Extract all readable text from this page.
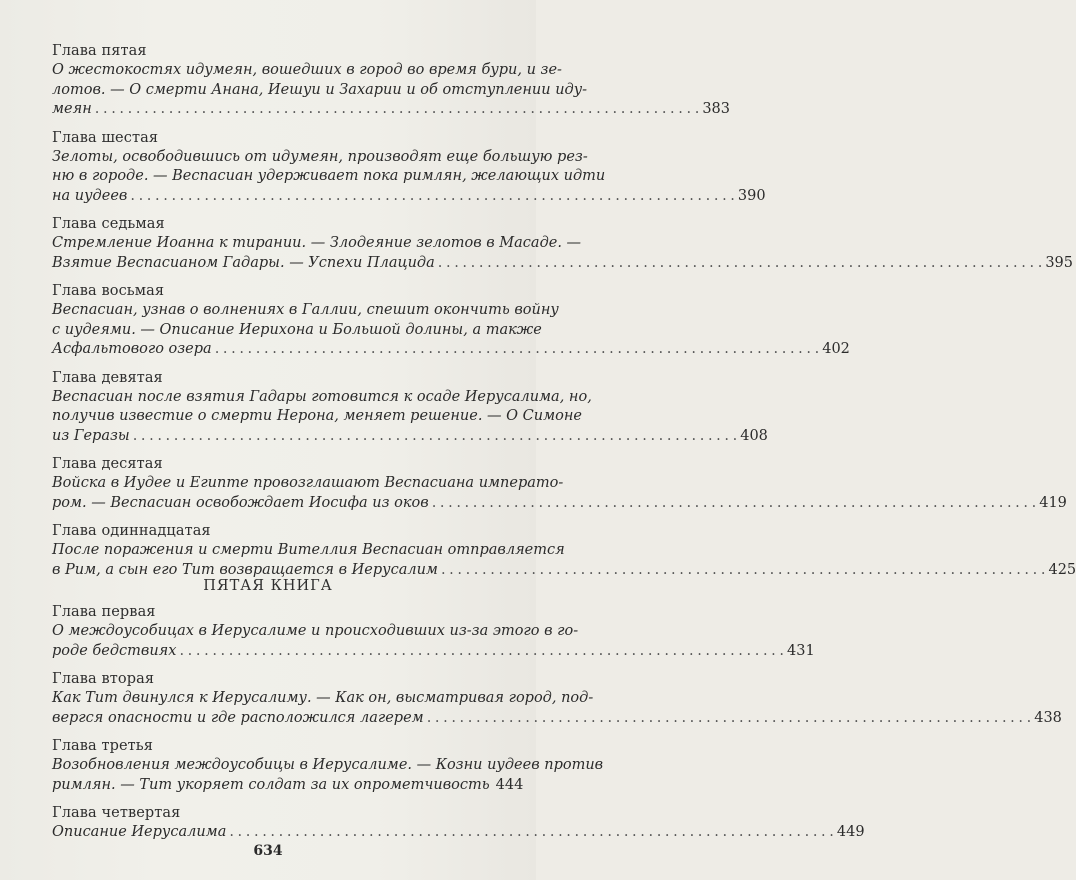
Глава пятая
О жестокостях идумеян, вошедших в город во время бури, и зе-
лотов. — О смерти Анана, Иешуи и Захарии и об отступлении иду-
меян . . .	383
Глава шестая
Зелоты, освободившись от идумеян, производят еще большую рез-
ню в городе. — Веспасиан удерживает пока римлян, желающих идти
на иудеев . . .	390
Глава седьмая
Стремление Иоанна к тирании. — Злодеяние зелотов в Масаде. —
Взятие Веспасианом Гадары. — Успехи Плацида . . .	395
Глава восьмая
Веспасиан, узнав о волнениях в Галлии, спешит окончить войну
с иудеями. — Описание Иерихона и Большой долины, а также
Асфальтового озера . . .	402
Глава девятая
Веспасиан после взятия Гадары готовится к осаде Иерусалима, но,
получив известие о смерти Нерона, меняет решение. — О Симоне
из Геразы . . .	408
Глава десятая
Войска в Иудее и Египте провозглашают Веспасиана императо-
ром. — Веспасиан освобождает Иосифа из оков . . .	419
Глава одиннадцатая
После поражения и смерти Вителлия Веспасиан отправляется
в Рим, а сын его Тит возвращается в Иерусалим . . .	425
ПЯТАЯ КНИГА
Глава первая
О междоусобицах в Иерусалиме и происходивших из-за этого в го-
роде бедствиях . . .	431
Глава вторая
Как Тит двинулся к Иерусалиму. — Как он, высматривая город, под-
вергся опасности и где расположился лагерем . . .	438
Глава третья
Возобновления междоусобицы в Иерусалиме. — Козни иудеев против
римлян. — Тит укоряет солдат за их опрометчивость 444
Глава четвертая
Описание Иерусалима . . .	449
634
